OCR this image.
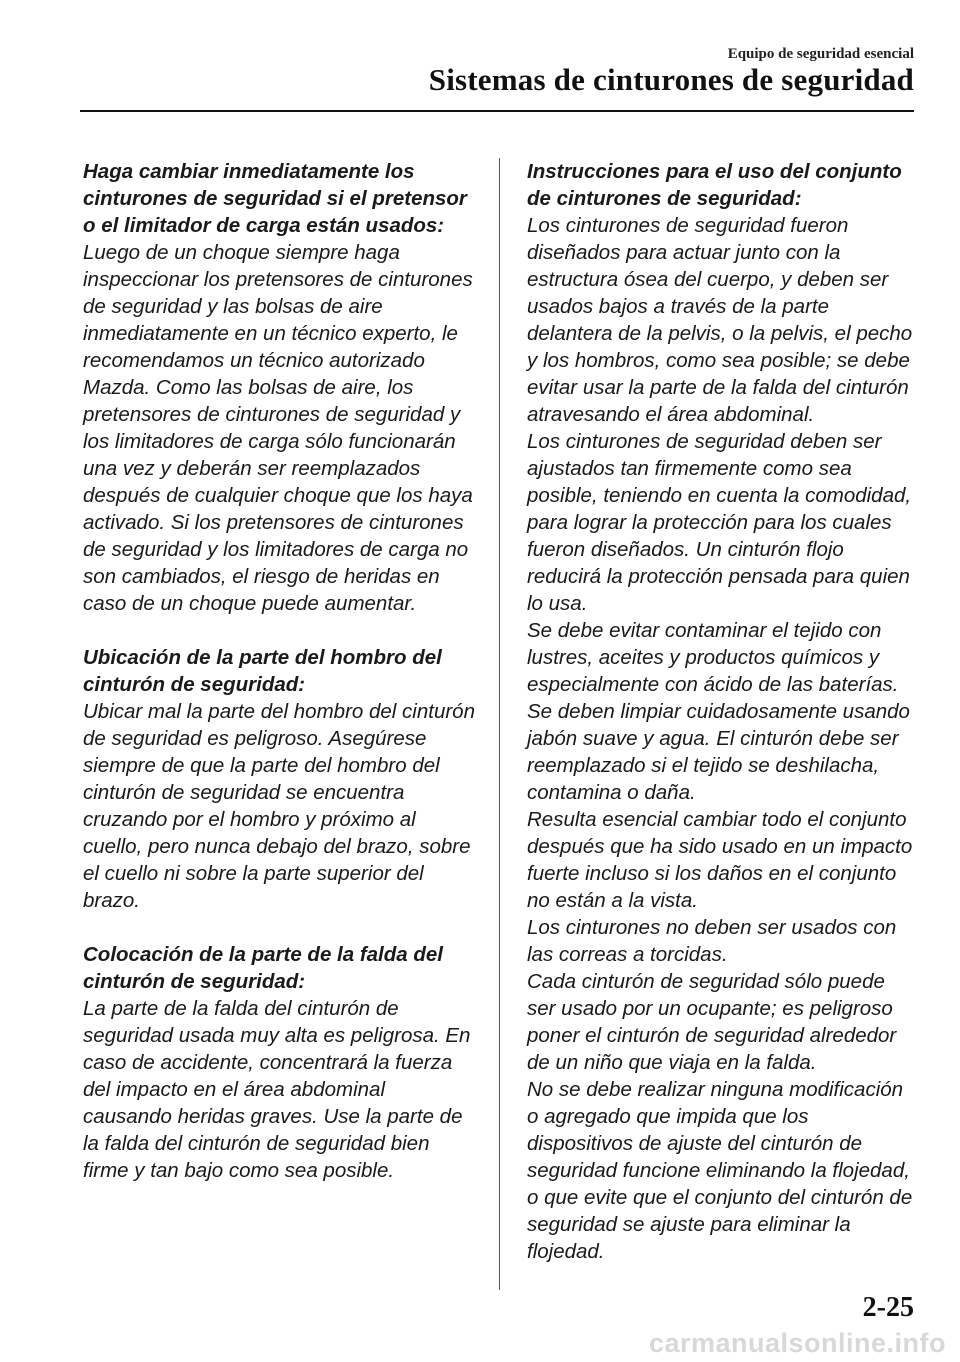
Equipo de seguridad esencial
Sistemas de cinturones de seguridad

Haga cambiar inmediatamente los cinturones de seguridad si el pretensor o el limitador de carga están usados:
Luego de un choque siempre haga inspeccionar los pretensores de cinturones de seguridad y las bolsas de aire inmediatamente en un técnico experto, le recomendamos un técnico autorizado Mazda. Como las bolsas de aire, los pretensores de cinturones de seguridad y los limitadores de carga sólo funcionarán una vez y deberán ser reemplazados después de cualquier choque que los haya activado. Si los pretensores de cinturones de seguridad y los limitadores de carga no son cambiados, el riesgo de heridas en caso de un choque puede aumentar.

Ubicación de la parte del hombro del cinturón de seguridad:
Ubicar mal la parte del hombro del cinturón de seguridad es peligroso. Asegúrese siempre de que la parte del hombro del cinturón de seguridad se encuentra cruzando por el hombro y próximo al cuello, pero nunca debajo del brazo, sobre el cuello ni sobre la parte superior del brazo.

Colocación de la parte de la falda del cinturón de seguridad:
La parte de la falda del cinturón de seguridad usada muy alta es peligrosa. En caso de accidente, concentrará la fuerza del impacto en el área abdominal causando heridas graves. Use la parte de la falda del cinturón de seguridad bien firme y tan bajo como sea posible.

Instrucciones para el uso del conjunto de cinturones de seguridad:
Los cinturones de seguridad fueron diseñados para actuar junto con la estructura ósea del cuerpo, y deben ser usados bajos a través de la parte delantera de la pelvis, o la pelvis, el pecho y los hombros, como sea posible; se debe evitar usar la parte de la falda del cinturón atravesando el área abdominal.
Los cinturones de seguridad deben ser ajustados tan firmemente como sea posible, teniendo en cuenta la comodidad, para lograr la protección para los cuales fueron diseñados. Un cinturón flojo reducirá la protección pensada para quien lo usa.
Se debe evitar contaminar el tejido con lustres, aceites y productos químicos y especialmente con ácido de las baterías. Se deben limpiar cuidadosamente usando jabón suave y agua. El cinturón debe ser reemplazado si el tejido se deshilacha, contamina o daña.
Resulta esencial cambiar todo el conjunto después que ha sido usado en un impacto fuerte incluso si los daños en el conjunto no están a la vista.
Los cinturones no deben ser usados con las correas a torcidas.
Cada cinturón de seguridad sólo puede ser usado por un ocupante; es peligroso poner el cinturón de seguridad alrededor de un niño que viaja en la falda.
No se debe realizar ninguna modificación o agregado que impida que los dispositivos de ajuste del cinturón de seguridad funcione eliminando la flojedad, o que evite que el conjunto del cinturón de seguridad se ajuste para eliminar la flojedad.
2-25
carmanualsonline.info
